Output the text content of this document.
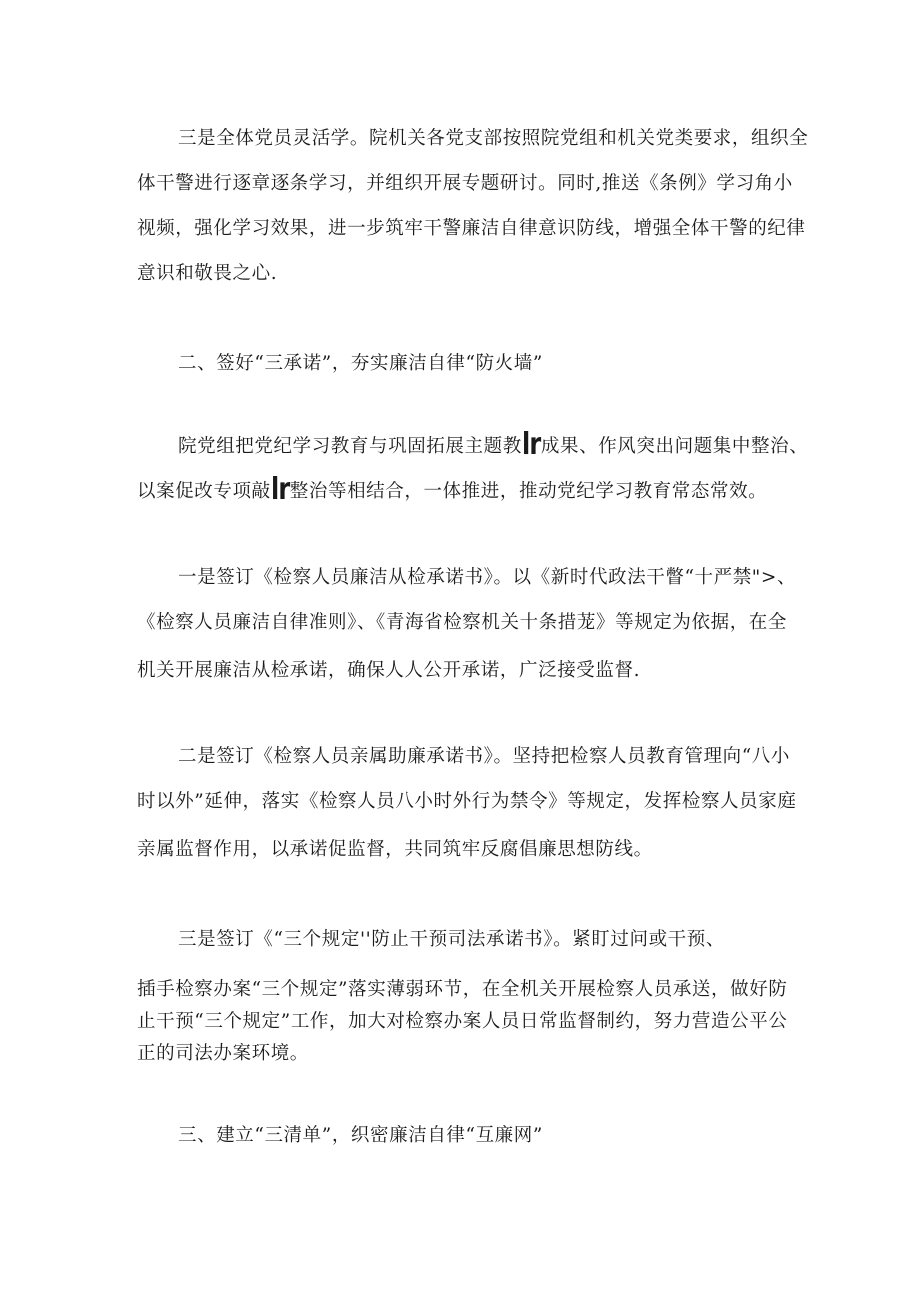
三是全体党员灵活学。院机关各党支部按照院党组和机关党类要求，组织全
体干警进行逐章逐条学习，并组织开展专题研讨。同时,推送《条例》学习角小
视频，强化学习效果，进一步筑牢干警廉洁自律意识防线，增强全体干警的纪律
意识和敬畏之心.
二、签好“三承诺”，夯实廉洁自律“防火墙”
院党组把党纪学习教育与巩固拓展主题教lr成果、作风突出问题集中整治、
以案促改专项敲lr整治等相结合，一体推进，推动党纪学习教育常态常效。
一是签订《检察人员廉洁从检承诺书》。以《新时代政法干瞥“十严禁">、
《检察人员廉洁自律准则》、《青海省检察机关十条措茏》等规定为依据，在全
机关开展廉洁从检承诺，确保人人公开承诺，广泛接受监督.
二是签订《检察人员亲属助廉承诺书》。坚持把检察人员教育管理向“八小
时以外”延伸，落实《检察人员八小时外行为禁令》等规定，发挥检察人员家庭
亲属监督作用，以承诺促监督，共同筑牢反腐倡廉思想防线。
三是签订《“三个规定''防止干预司法承诺书》。紧盯过问或干预、
插手检察办案“三个规定”落实薄弱环节，在全机关开展检察人员承送，做好防
止干预“三个规定”工作，加大对检察办案人员日常监督制约，努力营造公平公
正的司法办案环境。
三、建立“三清单”，织密廉洁自律“互廉网”
